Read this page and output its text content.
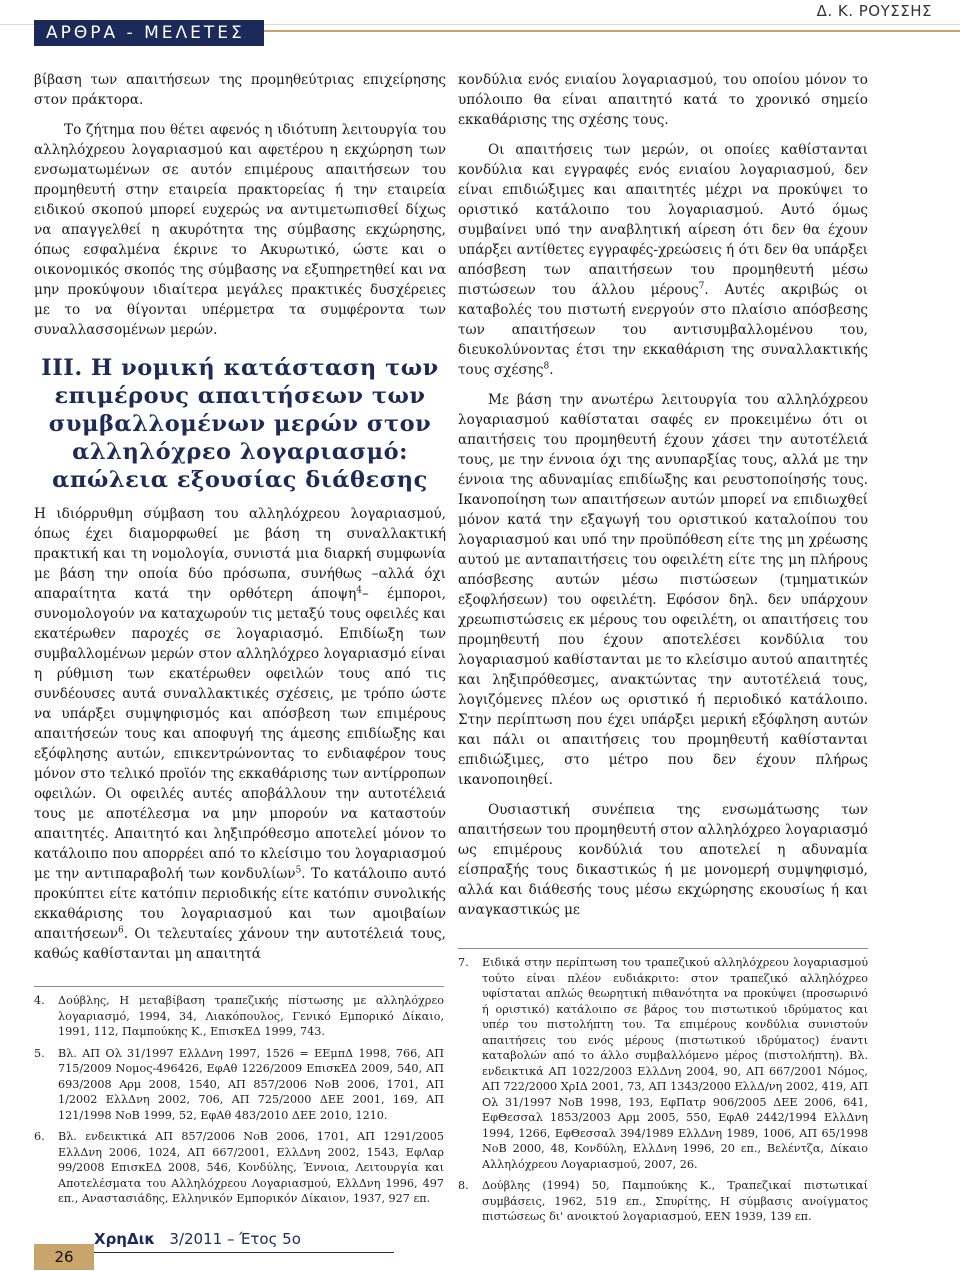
ΑΡΘΡΑ - ΜΕΛΕΤΕΣ
Δ. Κ. ΡΟΥΣΣΗΣ

βίβαση των απαιτήσεων της προμηθεύτριας επιχείρησης στον πράκτορα.

Το ζήτημα που θέτει αφενός η ιδιότυπη λειτουργία του αλληλόχρεου λογαριασμού και αφετέρου η εκχώρηση των ενσωματωμένων σε αυτόν επιμέρους απαιτήσεων του προμηθευτή στην εταιρεία πρακτορείας ή την εταιρεία ειδικού σκοπού μπορεί ευχερώς να αντιμετωπισθεί δίχως να απαγγελθεί η ακυρότητα της σύμβασης εκχώρησης, όπως εσφαλμένα έκρινε το Ακυρωτικό, ώστε και ο οικονομικός σκοπός της σύμβασης να εξυπηρετηθεί και να μην προκύψουν ιδιαίτερα μεγάλες πρακτικές δυσχέρειες με το να θίγονται υπέρμετρα τα συμφέροντα των συναλλασσομένων μερών.

ΙΙΙ. Η νομική κατάσταση των επιμέρους απαιτήσεων των συμβαλλομένων μερών στον αλληλόχρεο λογαριασμό: απώλεια εξουσίας διάθεσης

Η ιδιόρρυθμη σύμβαση του αλληλόχρεου λογαριασμού, όπως έχει διαμορφωθεί με βάση τη συναλλακτική πρακτική και τη νομολογία, συνιστά μια διαρκή συμφωνία με βάση την οποία δύο πρόσωπα, συνήθως –αλλά όχι απαραίτητα κατά την ορθότερη άποψη$^4$– έμποροι, συνομολογούν να καταχωρούν τις μεταξύ τους οφειλές και εκατέρωθεν παροχές σε λογαριασμό. Επιδίωξη των συμβαλλομένων μερών στον αλληλόχρεο λογαριασμό είναι η ρύθμιση των εκατέρωθεν οφειλών τους από τις συνδέουσες αυτά συναλλακτικές σχέσεις, με τρόπο ώστε να υπάρξει συμψηφισμός και απόσβεση των επιμέρους απαιτήσεών τους και αποφυγή της άμεσης επιδίωξης και εξόφλησης αυτών, επικεντρώνοντας το ενδιαφέρον τους μόνον στο τελικό προϊόν της εκκαθάρισης των αντίρροπων οφειλών. Οι οφειλές αυτές αποβάλλουν την αυτοτέλειά τους με αποτέλεσμα να μην μπορούν να καταστούν απαιτητές. Απαιτητό και ληξιπρόθεσμο αποτελεί μόνον το κατάλοιπο που απορρέει από το κλείσιμο του λογαριασμού με την αντιπαραβολή των κονδυλίων$^5$. Το κατάλοιπο αυτό προκύπτει είτε κατόπιν περιοδικής είτε κατόπιν συνολικής εκκαθάρισης του λογαριασμού και των αμοιβαίων απαιτήσεων$^6$. Οι τελευταίες χάνουν την αυτοτέλειά τους, καθώς καθίστανται μη απαιτητά

κονδύλια ενός ενιαίου λογαριασμού, του οποίου μόνον το υπόλοιπο θα είναι απαιτητό κατά το χρονικό σημείο εκκαθάρισης της σχέσης τους.

Οι απαιτήσεις των μερών, οι οποίες καθίστανται κονδύλια και εγγραφές ενός ενιαίου λογαριασμού, δεν είναι επιδιώξιμες και απαιτητές μέχρι να προκύψει το οριστικό κατάλοιπο του λογαριασμού. Αυτό όμως συμβαίνει υπό την αναβλητική αίρεση ότι δεν θα έχουν υπάρξει αντίθετες εγγραφές-χρεώσεις ή ότι δεν θα υπάρξει απόσβεση των απαιτήσεων του προμηθευτή μέσω πιστώσεων του άλλου μέρους$^7$. Αυτές ακριβώς οι καταβολές του πιστωτή ενεργούν στο πλαίσιο απόσβεσης των απαιτήσεων του αντισυμβαλλομένου του, διευκολύνοντας έτσι την εκκαθάριση της συναλλακτικής τους σχέσης$^8$.

Με βάση την ανωτέρω λειτουργία του αλληλόχρεου λογαριασμού καθίσταται σαφές εν προκειμένω ότι οι απαιτήσεις του προμηθευτή έχουν χάσει την αυτοτέλειά τους, με την έννοια όχι της ανυπαρξίας τους, αλλά με την έννοια της αδυναμίας επιδίωξης και ρευστοποίησής τους. Ικανοποίηση των απαιτήσεων αυτών μπορεί να επιδιωχθεί μόνον κατά την εξαγωγή του οριστικού καταλοίπου του λογαριασμού και υπό την προϋπόθεση είτε της μη χρέωσης αυτού με ανταπαιτήσεις του οφειλέτη είτε της μη πλήρους απόσβεσης αυτών μέσω πιστώσεων (τμηματικών εξοφλήσεων) του οφειλέτη. Εφόσον δηλ. δεν υπάρχουν χρεωπιστώσεις εκ μέρους του οφειλέτη, οι απαιτήσεις του προμηθευτή που έχουν αποτελέσει κονδύλια του λογαριασμού καθίστανται με το κλείσιμο αυτού απαιτητές και ληξιπρόθεσμες, ανακτώντας την αυτοτέλειά τους, λογιζόμενες πλέον ως οριστικό ή περιοδικό κατάλοιπο. Στην περίπτωση που έχει υπάρξει μερική εξόφληση αυτών και πάλι οι απαιτήσεις του προμηθευτή καθίστανται επιδιώξιμες, στο μέτρο που δεν έχουν πλήρως ικανοποιηθεί.

Ουσιαστική συνέπεια της ενσωμάτωσης των απαιτήσεων του προμηθευτή στον αλληλόχρεο λογαριασμό ως επιμέρους κονδύλιά του αποτελεί η αδυναμία είσπραξής τους δικαστικώς ή με μονομερή συμψηφισμό, αλλά και διάθεσής τους μέσω εκχώρησης εκουσίως ή και αναγκαστικώς με

4.	Δούβλης, Η μεταβίβαση τραπεζικής πίστωσης με αλληλόχρεο λογαριασμό, 1994, 34, Λιακόπουλος, Γενικό Εμπορικό Δίκαιο, 1991, 112, Παμπούκης Κ., ΕπισκΕΔ 1999, 743.
5.	Βλ. ΑΠ Ολ 31/1997 ΕλλΔνη 1997, 1526 = ΕΕμπΔ 1998, 766, ΑΠ 715/2009 Νομος-496426, ΕφΑθ 1226/2009 ΕπισκΕΔ 2009, 540, ΑΠ 693/2008 Αρμ 2008, 1540, ΑΠ 857/2006 ΝοΒ 2006, 1701, ΑΠ 1/2002 ΕλλΔνη 2002, 706, ΑΠ 725/2000 ΔΕΕ 2001, 169, ΑΠ 121/1998 ΝοΒ 1999, 52, ΕφΑθ 483/2010 ΔΕΕ 2010, 1210.
6.	Βλ. ενδεικτικά ΑΠ 857/2006 ΝοΒ 2006, 1701, ΑΠ 1291/2005 ΕλλΔνη 2006, 1024, ΑΠ 667/2001, ΕλλΔνη 2002, 1543, ΕφΛαρ 99/2008 ΕπισκΕΔ 2008, 546, Κονδύλης, Έννοια, Λειτουργία και Αποτελέσματα του Αλληλόχρεου Λογαριασμού, ΕλλΔνη 1996, 497 επ., Αναστασιάδης, Ελληνικόν Εμπορικόν Δίκαιον, 1937, 927 επ.
7.	Ειδικά στην περίπτωση του τραπεζικού αλληλόχρεου λογαριασμού τούτο είναι πλέον ευδιάκριτο: στον τραπεζικό αλληλόχρεο υφίσταται απλώς θεωρητική πιθανότητα να προκύψει (προσωρινό ή οριστικό) κατάλοιπο σε βάρος του πιστωτικού ιδρύματος και υπέρ του πιστολήπτη του. Τα επιμέρους κονδύλια συνιστούν απαιτήσεις του ενός μέρους (πιστωτικού ιδρύματος) έναντι καταβολών από το άλλο συμβαλλόμενο μέρος (πιστολήπτη). Βλ. ενδεικτικά ΑΠ 1022/2003 ΕλλΔνη 2004, 90, ΑΠ 667/2001 Νόμος, ΑΠ 722/2000 ΧρΙΔ 2001, 73, ΑΠ 1343/2000 ΕλλΔ/νη 2002, 419, ΑΠ Ολ 31/1997 ΝοΒ 1998, 193, ΕφΠατρ 906/2005 ΔΕΕ 2006, 641, ΕφΘεσσαλ 1853/2003 Αρμ 2005, 550, ΕφΑθ 2442/1994 ΕλλΔνη 1994, 1266, ΕφΘεσσαλ 394/1989 ΕλλΔνη 1989, 1006, ΑΠ 65/1998 ΝοΒ 2000, 48, Κονδύλη, ΕλλΔνη 1996, 20 επ., Βελέντζα, Δίκαιο Αλληλόχρεου Λογαριασμού, 2007, 26.
8.	Δούβλης (1994) 50, Παμπούκης Κ., Τραπεζικαί πιστωτικαί συμβάσεις, 1962, 519 επ., Σπυρίτης, Η σύμβασις ανοίγματος πιστώσεως δι' ανοικτού λογαριασμού, ΕΕΝ 1939, 139 επ.
26
ΧρηΔικ 3/2011 – Έτος 5ο
